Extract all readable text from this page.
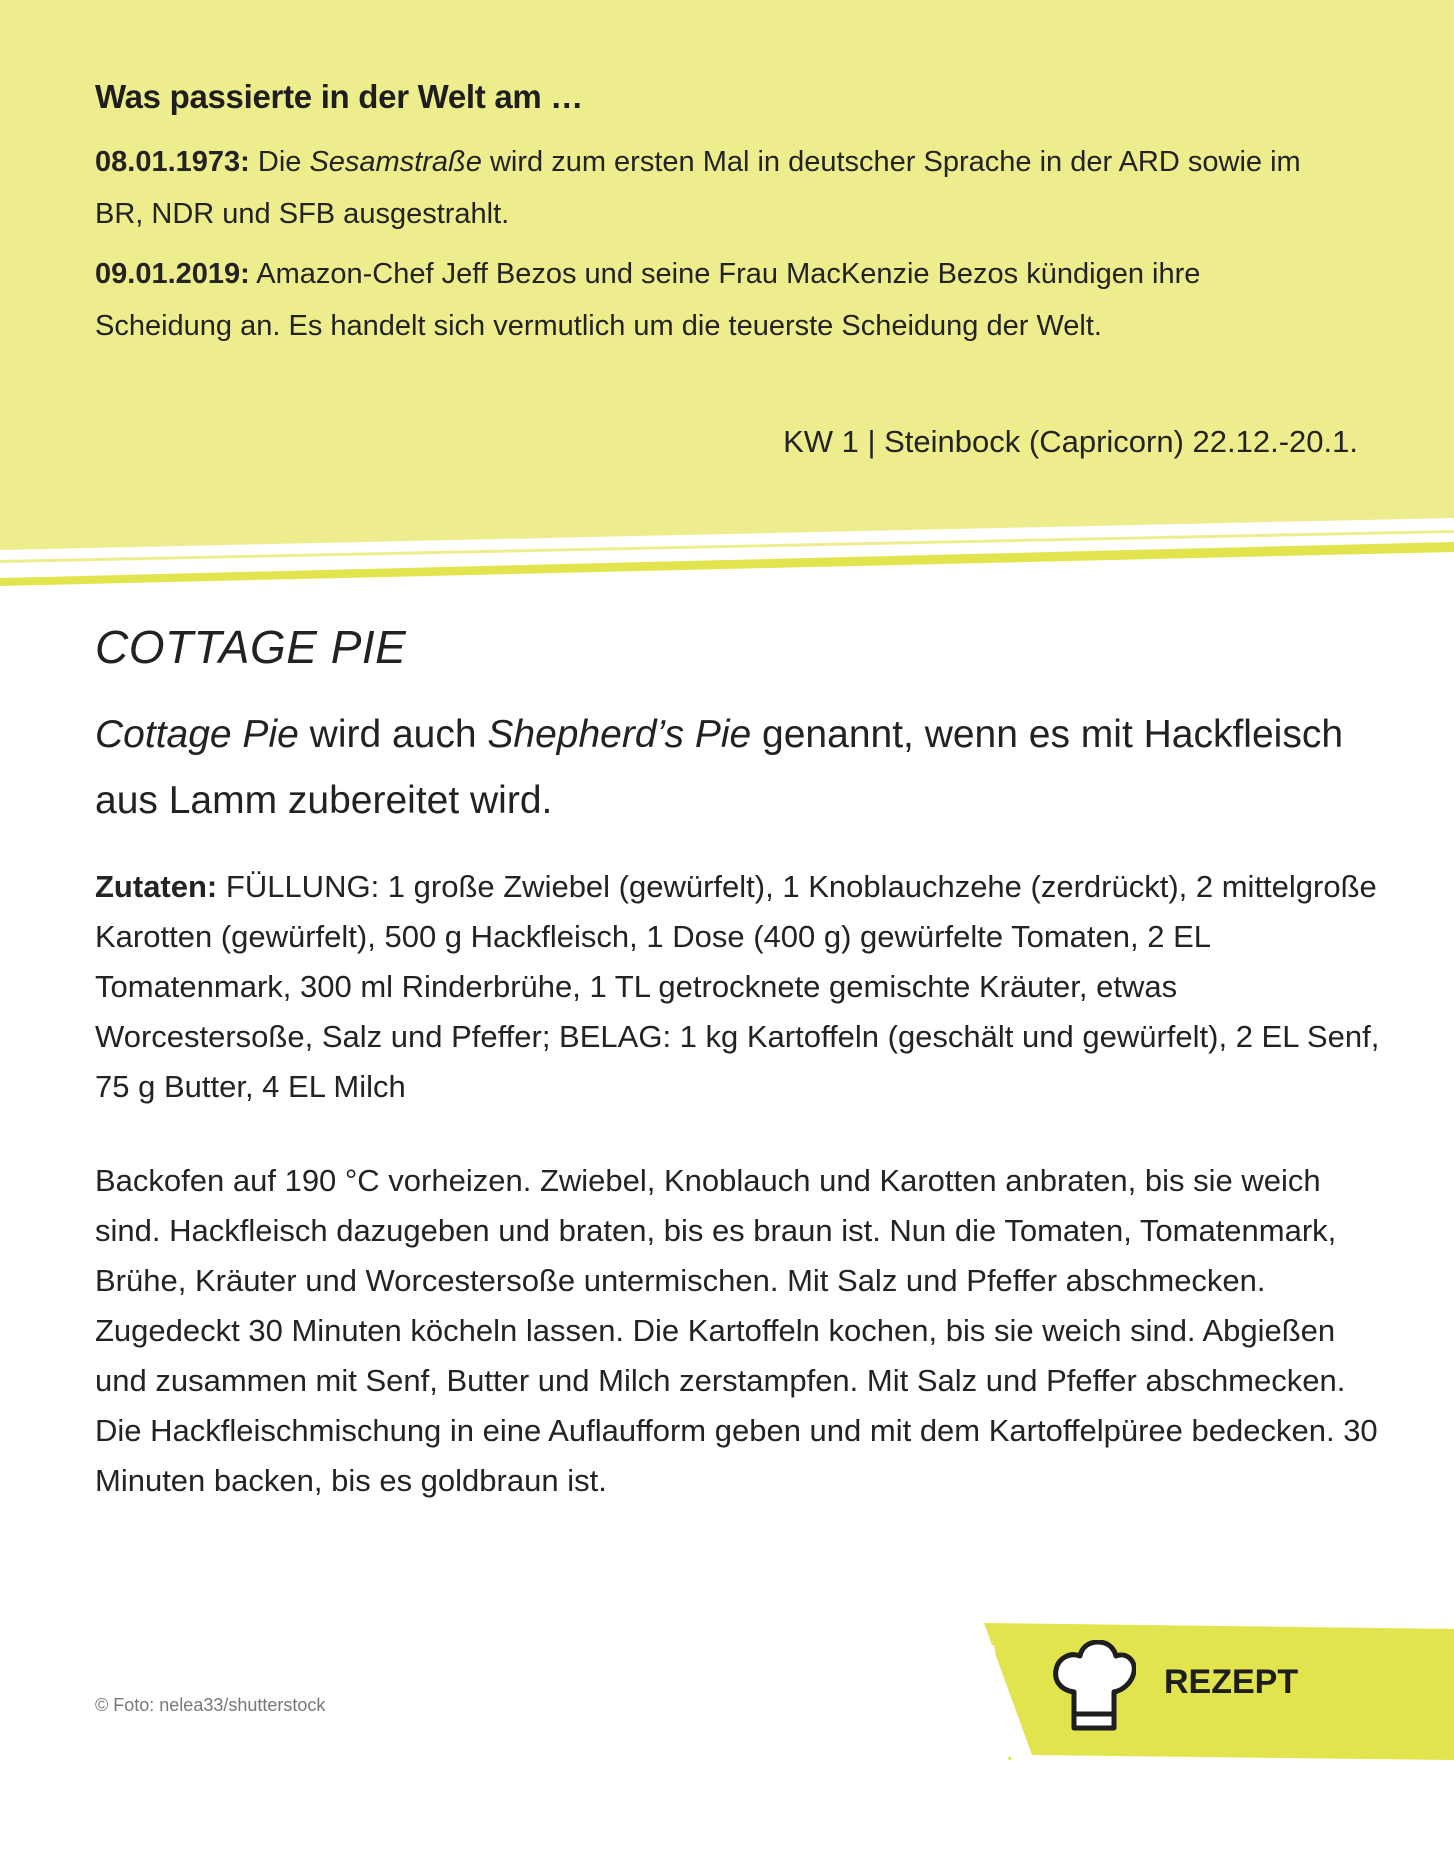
Was passierte in der Welt am …
08.01.1973: Die Sesamstraße wird zum ersten Mal in deutscher Sprache in der ARD sowie im BR, NDR und SFB ausgestrahlt.
09.01.2019: Amazon-Chef Jeff Bezos und seine Frau MacKenzie Bezos kündigen ihre Scheidung an. Es handelt sich vermutlich um die teuerste Scheidung der Welt.
KW 1 | Steinbock (Capricorn) 22.12.-20.1.
COTTAGE PIE
Cottage Pie wird auch Shepherd’s Pie genannt, wenn es mit Hackfleisch aus Lamm zubereitet wird.
Zutaten: FÜLLUNG: 1 große Zwiebel (gewürfelt), 1 Knoblauchzehe (zerdrückt), 2 mittelgroße Karotten (gewürfelt), 500 g Hackfleisch, 1 Dose (400 g) gewürfelte Tomaten, 2 EL Tomatenmark, 300 ml Rinderbrühe, 1 TL getrocknete gemischte Kräuter, etwas Worcestersoße, Salz und Pfeffer; BELAG: 1 kg Kartoffeln (geschält und gewürfelt), 2 EL Senf, 75 g Butter, 4 EL Milch
Backofen auf 190 °C vorheizen. Zwiebel, Knoblauch und Karotten anbraten, bis sie weich sind. Hackfleisch dazugeben und braten, bis es braun ist. Nun die Tomaten, Tomatenmark, Brühe, Kräuter und Worcestersoße untermischen. Mit Salz und Pfeffer abschmecken. Zugedeckt 30 Minuten köcheln lassen. Die Kartoffeln kochen, bis sie weich sind. Abgießen und zusammen mit Senf, Butter und Milch zerstampfen. Mit Salz und Pfeffer abschmecken. Die Hackfleischmischung in eine Auflaufform geben und mit dem Kartoffelpüree bedecken. 30 Minuten backen, bis es goldbraun ist.
© Foto: nelea33/shutterstock
REZEPT
